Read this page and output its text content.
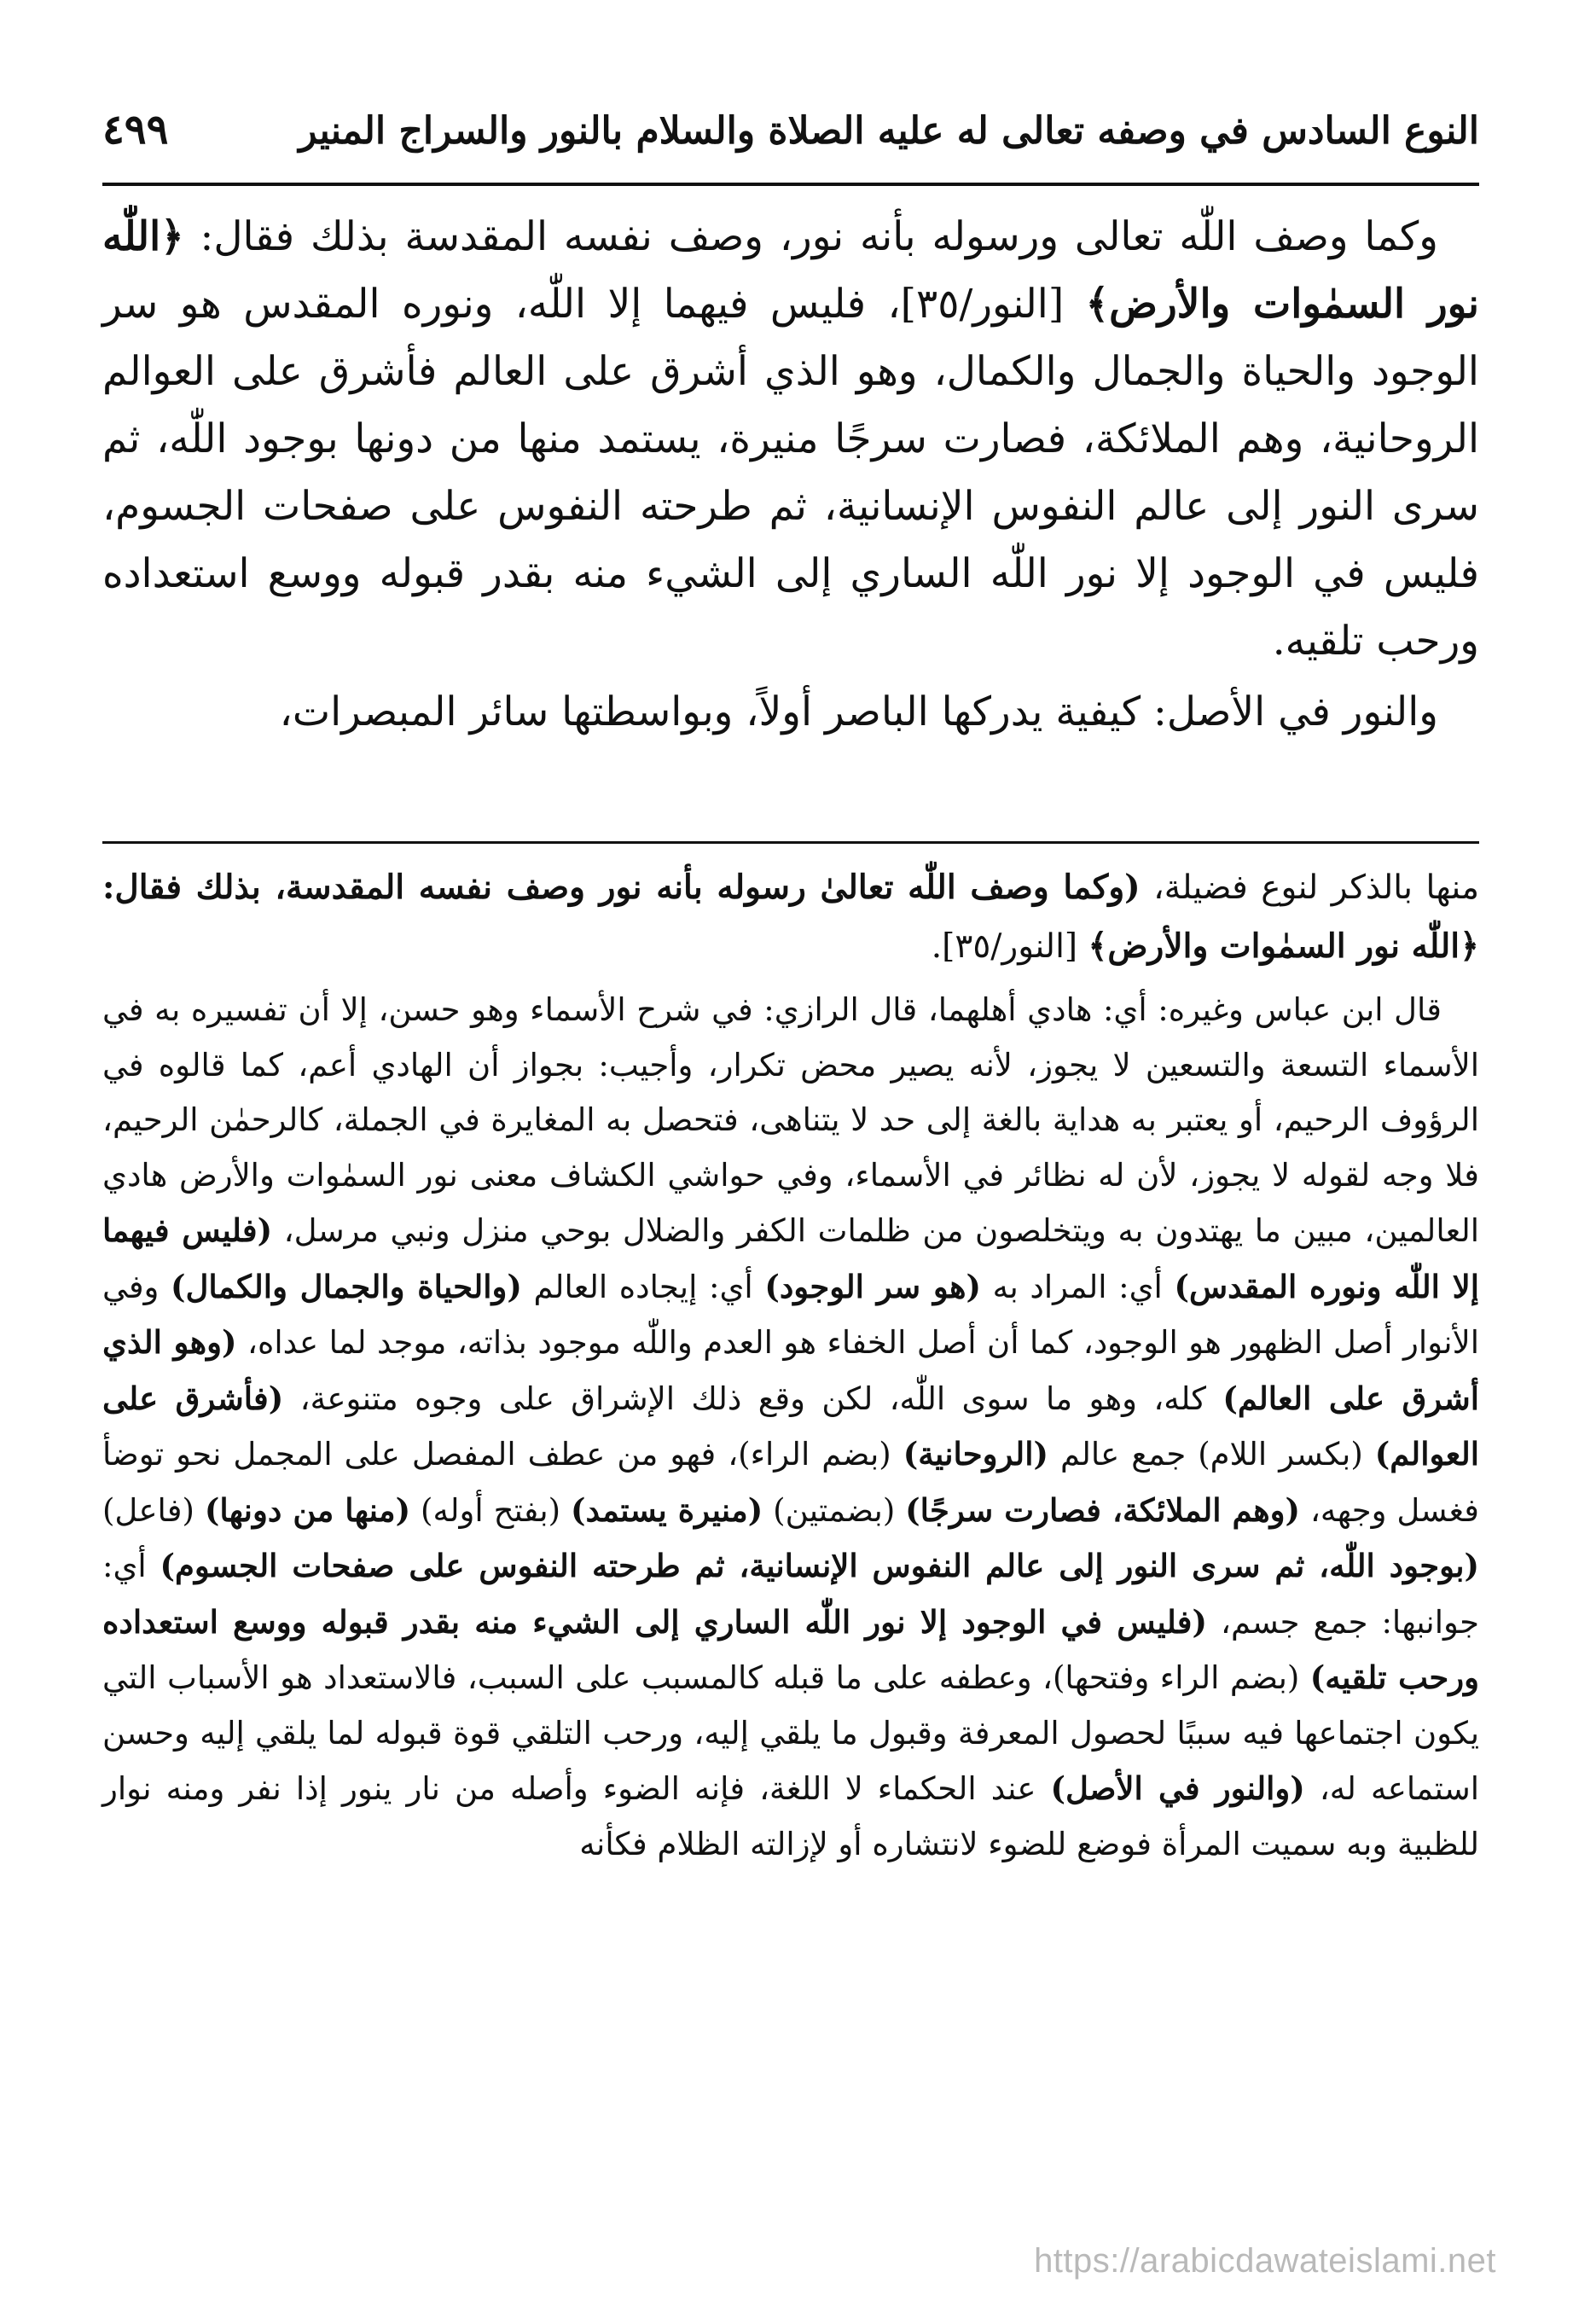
النوع السادس في وصفه تعالى له عليه الصلاة والسلام بالنور والسراج المنير
٤٩٩

وكما وصف اللّٰه تعالى ورسوله بأنه نور، وصف نفسه المقدسة بذلك فقال: ﴿اللّٰه نور السمٰوات والأرض﴾ [النور/٣٥]، فليس فيهما إلا اللّٰه، ونوره المقدس هو سر الوجود والحياة والجمال والكمال، وهو الذي أشرق على العالم فأشرق على العوالم الروحانية، وهم الملائكة، فصارت سرجًا منيرة، يستمد منها من دونها بوجود اللّٰه، ثم سرى النور إلى عالم النفوس الإنسانية، ثم طرحته النفوس على صفحات الجسوم، فليس في الوجود إلا نور اللّٰه الساري إلى الشيء منه بقدر قبوله ووسع استعداده ورحب تلقيه.

والنور في الأصل: كيفية يدركها الباصر أولاً، وبواسطتها سائر المبصرات،

منها بالذكر لنوع فضيلة، (وكما وصف اللّٰه تعالىٰ رسوله بأنه نور وصف نفسه المقدسة، بذلك فقال: ﴿اللّٰه نور السمٰوات والأرض﴾ [النور/٣٥].

قال ابن عباس وغيره: أي: هادي أهلهما، قال الرازي: في شرح الأسماء وهو حسن، إلا أن تفسيره به في الأسماء التسعة والتسعين لا يجوز، لأنه يصير محض تكرار، وأجيب: بجواز أن الهادي أعم، كما قالوه في الرؤوف الرحيم، أو يعتبر به هداية بالغة إلى حد لا يتناهى، فتحصل به المغايرة في الجملة، كالرحمٰن الرحيم، فلا وجه لقوله لا يجوز، لأن له نظائر في الأسماء، وفي حواشي الكشاف معنى نور السمٰوات والأرض هادي العالمين، مبين ما يهتدون به ويتخلصون من ظلمات الكفر والضلال بوحي منزل ونبي مرسل، (فليس فيهما إلا اللّٰه ونوره المقدس) أي: المراد به (هو سر الوجود) أي: إيجاده العالم (والحياة والجمال والكمال) وفي الأنوار أصل الظهور هو الوجود، كما أن أصل الخفاء هو العدم واللّٰه موجود بذاته، موجد لما عداه، (وهو الذي أشرق على العالم) كله، وهو ما سوى اللّٰه، لكن وقع ذلك الإشراق على وجوه متنوعة، (فأشرق على العوالم) (بكسر اللام) جمع عالم (الروحانية) (بضم الراء)، فهو من عطف المفصل على المجمل نحو توضأ فغسل وجهه، (وهم الملائكة، فصارت سرجًا) (بضمتين) (منيرة يستمد) (بفتح أوله) (منها من دونها) (فاعل) (بوجود اللّٰه، ثم سرى النور إلى عالم النفوس الإنسانية، ثم طرحته النفوس على صفحات الجسوم) أي: جوانبها: جمع جسم، (فليس في الوجود إلا نور اللّٰه الساري إلى الشيء منه بقدر قبوله ووسع استعداده ورحب تلقيه) (بضم الراء وفتحها)، وعطفه على ما قبله كالمسبب على السبب، فالاستعداد هو الأسباب التي يكون اجتماعها فيه سببًا لحصول المعرفة وقبول ما يلقي إليه، ورحب التلقي قوة قبوله لما يلقي إليه وحسن استماعه له، (والنور في الأصل) عند الحكماء لا اللغة، فإنه الضوء وأصله من نار ينور إذا نفر ومنه نوار للظبية وبه سميت المرأة فوضع للضوء لانتشاره أو لإزالته الظلام فكأنه

https://arabicdawateislami.net
